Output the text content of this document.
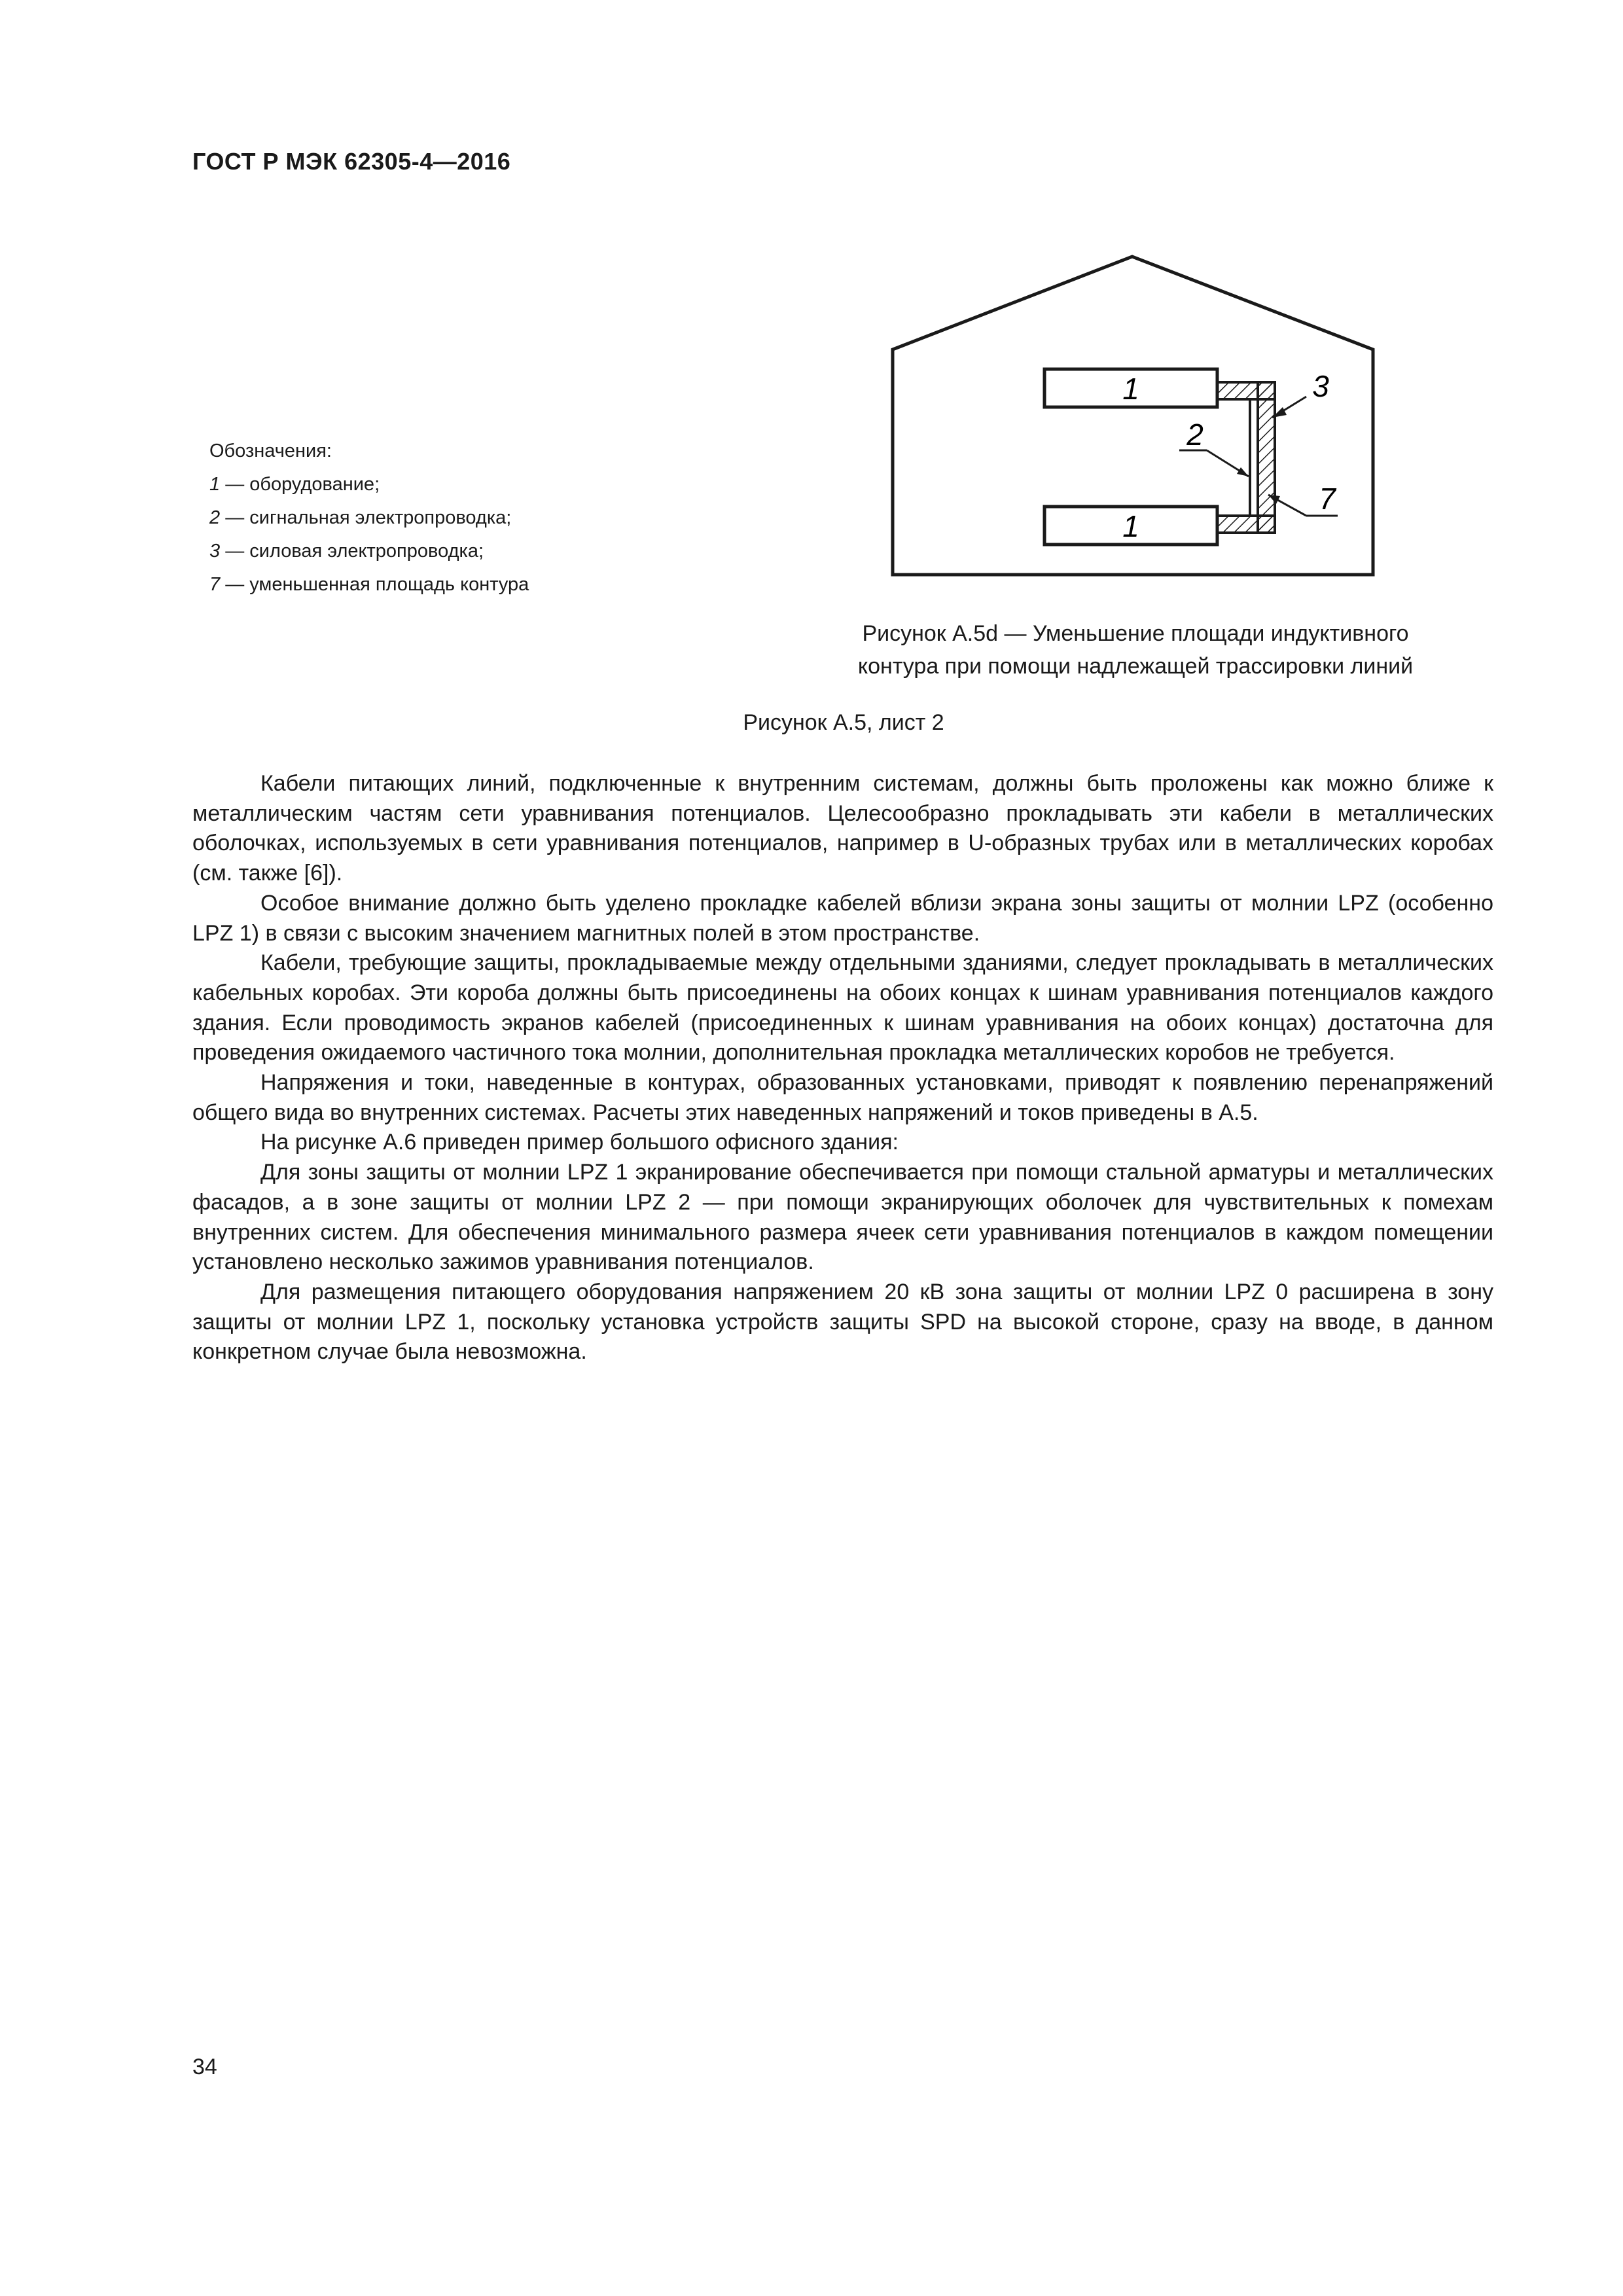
ГОСТ Р МЭК 62305-4—2016
Обозначения:
1 — оборудование;
2 — сигнальная электропроводка;
3 — силовая электропроводка;
7 — уменьшенная площадь контура
1
1
3
2
7
Рисунок А.5d — Уменьшение площади индуктивного
контура при помощи надлежащей трассировки линий
Рисунок А.5, лист 2

Кабели питающих линий, подключенные к внутренним системам, должны быть проложены как можно ближе к металлическим частям сети уравнивания потенциалов. Целесообразно прокладывать эти кабели в металлических оболочках, используемых в сети уравнивания потенциалов, например в U-образных трубах или в металлических коробах (см. также [6]).

Особое внимание должно быть уделено прокладке кабелей вблизи экрана зоны защиты от молнии LPZ (особенно LPZ 1) в связи с высоким значением магнитных полей в этом пространстве.

Кабели, требующие защиты, прокладываемые между отдельными зданиями, следует прокладывать в металлических кабельных коробах. Эти короба должны быть присоединены на обоих концах к шинам уравнивания потенциалов каждого здания. Если проводимость экранов кабелей (присоединенных к шинам уравнивания на обоих концах) достаточна для проведения ожидаемого частичного тока молнии, дополнительная прокладка металлических коробов не требуется.

Напряжения и токи, наведенные в контурах, образованных установками, приводят к появлению перенапряжений общего вида во внутренних системах. Расчеты этих наведенных напряжений и токов приведены в А.5.

На рисунке А.6 приведен пример большого офисного здания:

Для зоны защиты от молнии LPZ 1 экранирование обеспечивается при помощи стальной арматуры и металлических фасадов, а в зоне защиты от молнии LPZ 2 — при помощи экранирующих оболочек для чувствительных к помехам внутренних систем. Для обеспечения минимального размера ячеек сети уравнивания потенциалов в каждом помещении установлено несколько зажимов уравнивания потенциалов.

Для размещения питающего оборудования напряжением 20 кВ зона защиты от молнии LPZ 0 расширена в зону защиты от молнии LPZ 1, поскольку установка устройств защиты SPD на высокой стороне, сразу на вводе, в данном конкретном случае была невозможна.

34
